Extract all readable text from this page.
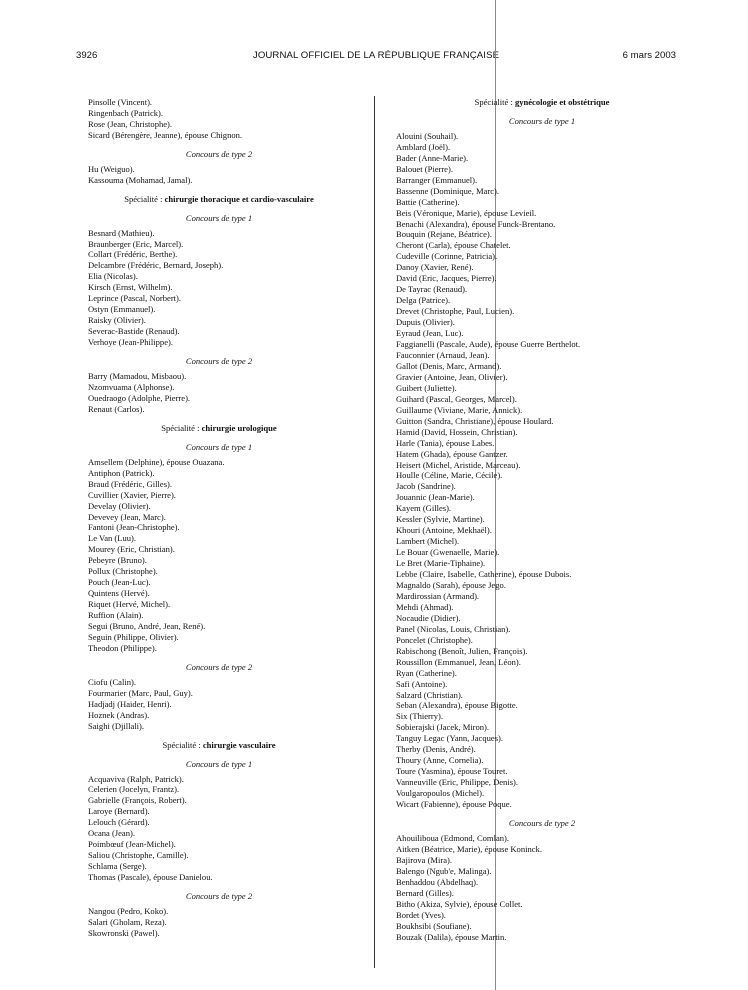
3926	JOURNAL OFFICIEL DE LA RÉPUBLIQUE FRANÇAISE	6 mars 2003
Pinsolle (Vincent).
Ringenbach (Patrick).
Rose (Jean, Christophe).
Sicard (Bérengère, Jeanne), épouse Chignon.
Concours de type 2
Hu (Weiguo).
Kassouma (Mohamad, Jamal).
Spécialité : chirurgie thoracique et cardio-vasculaire
Concours de type 1
Besnard (Mathieu).
Braunberger (Eric, Marcel).
Collart (Frédéric, Berthe).
Delcambre (Frédéric, Bernard, Joseph).
Elia (Nicolas).
Kirsch (Ernst, Wilhelm).
Leprince (Pascal, Norbert).
Ostyn (Emmanuel).
Raisky (Olivier).
Severac-Bastide (Renaud).
Verhoye (Jean-Philippe).
Concours de type 2
Barry (Mamadou, Misbaou).
Nzomvuama (Alphonse).
Ouedraogo (Adolphe, Pierre).
Renaut (Carlos).
Spécialité : chirurgie urologique
Concours de type 1
Amsellem (Delphine), épouse Ouazana.
Antiphon (Patrick).
Braud (Frédéric, Gilles).
Cuvillier (Xavier, Pierre).
Develay (Olivier).
Devevey (Jean, Marc).
Fantoni (Jean-Christophe).
Le Van (Luu).
Mourey (Eric, Christian).
Pebeyre (Bruno).
Pollux (Christophe).
Pouch (Jean-Luc).
Quintens (Hervé).
Riquet (Hervé, Michel).
Ruffion (Alain).
Segui (Bruno, André, Jean, René).
Seguin (Philippe, Olivier).
Theodon (Philippe).
Concours de type 2
Ciofu (Calin).
Fourmarier (Marc, Paul, Guy).
Hadjadj (Haider, Henri).
Hoznek (Andras).
Saighi (Djillali).
Spécialité : chirurgie vasculaire
Concours de type 1
Acquaviva (Ralph, Patrick).
Celerien (Jocelyn, Frantz).
Gabrielle (François, Robert).
Laroye (Bernard).
Lelouch (Gérard).
Ocana (Jean).
Poimbœuf (Jean-Michel).
Saliou (Christophe, Camille).
Schlama (Serge).
Thomas (Pascale), épouse Danielou.
Concours de type 2
Nangou (Pedro, Koko).
Salari (Gholam, Reza).
Skowronski (Pawel).
Spécialité : gynécologie et obstétrique
Concours de type 1
Alouini (Souhail).
Amblard (Joël).
Bader (Anne-Marie).
Balouet (Pierre).
Barranger (Emmanuel).
Bassenne (Dominique, Marc).
Battie (Catherine).
Beis (Véronique, Marie), épouse Levieil.
Benachi (Alexandra), épouse Funck-Brentano.
Bouquin (Rejane, Béatrice).
Cheront (Carla), épouse Chatelet.
Cudeville (Corinne, Patricia).
Danoy (Xavier, René).
David (Eric, Jacques, Pierre).
De Tayrac (Renaud).
Delga (Patrice).
Drevet (Christophe, Paul, Lucien).
Dupuis (Olivier).
Eyraud (Jean, Luc).
Faggianelli (Pascale, Aude), épouse Guerre Berthelot.
Fauconnier (Arnaud, Jean).
Gallot (Denis, Marc, Armand).
Gravier (Antoine, Jean, Olivier).
Guibert (Juliette).
Guihard (Pascal, Georges, Marcel).
Guillaume (Viviane, Marie, Annick).
Guitton (Sandra, Christiane), épouse Houlard.
Hamid (David, Hossein, Christian).
Harle (Tania), épouse Labes.
Hatem (Ghada), épouse Gantzer.
Heisert (Michel, Aristide, Marceau).
Houlle (Céline, Marie, Cécile).
Jacob (Sandrine).
Jouannic (Jean-Marie).
Kayem (Gilles).
Kessler (Sylvie, Martine).
Khouri (Antoine, Mekhaël).
Lambert (Michel).
Le Bouar (Gwenaelle, Marie).
Le Bret (Marie-Tiphaine).
Lebbe (Claire, Isabelle, Catherine), épouse Dubois.
Magnaldo (Sarah), épouse Jego.
Mardirossian (Armand).
Mehdi (Ahmad).
Nocaudie (Didier).
Panel (Nicolas, Louis, Christian).
Poncelet (Christophe).
Rabischong (Benoît, Julien, François).
Roussillon (Emmanuel, Jean, Léon).
Ryan (Catherine).
Safi (Antoine).
Salzard (Christian).
Seban (Alexandra), épouse Bigotte.
Six (Thierry).
Sobierajski (Jacek, Miron).
Tanguy Legac (Yann, Jacques).
Therby (Denis, André).
Thoury (Anne, Cornelia).
Toure (Yasmina), épouse Touret.
Vanneuville (Eric, Philippe, Denis).
Voulgaropoulos (Michel).
Wicart (Fabienne), épouse Poque.
Concours de type 2
Ahouiliboua (Edmond, Comlan).
Aitken (Béatrice, Marie), épouse Koninck.
Bajirova (Mira).
Balengo (Ngub'e, Malinga).
Benhaddou (Abdelhaq).
Bernard (Gilles).
Bitho (Akiza, Sylvie), épouse Collet.
Bordet (Yves).
Boukhsibi (Soufiane).
Bouzak (Dalila), épouse Martin.
